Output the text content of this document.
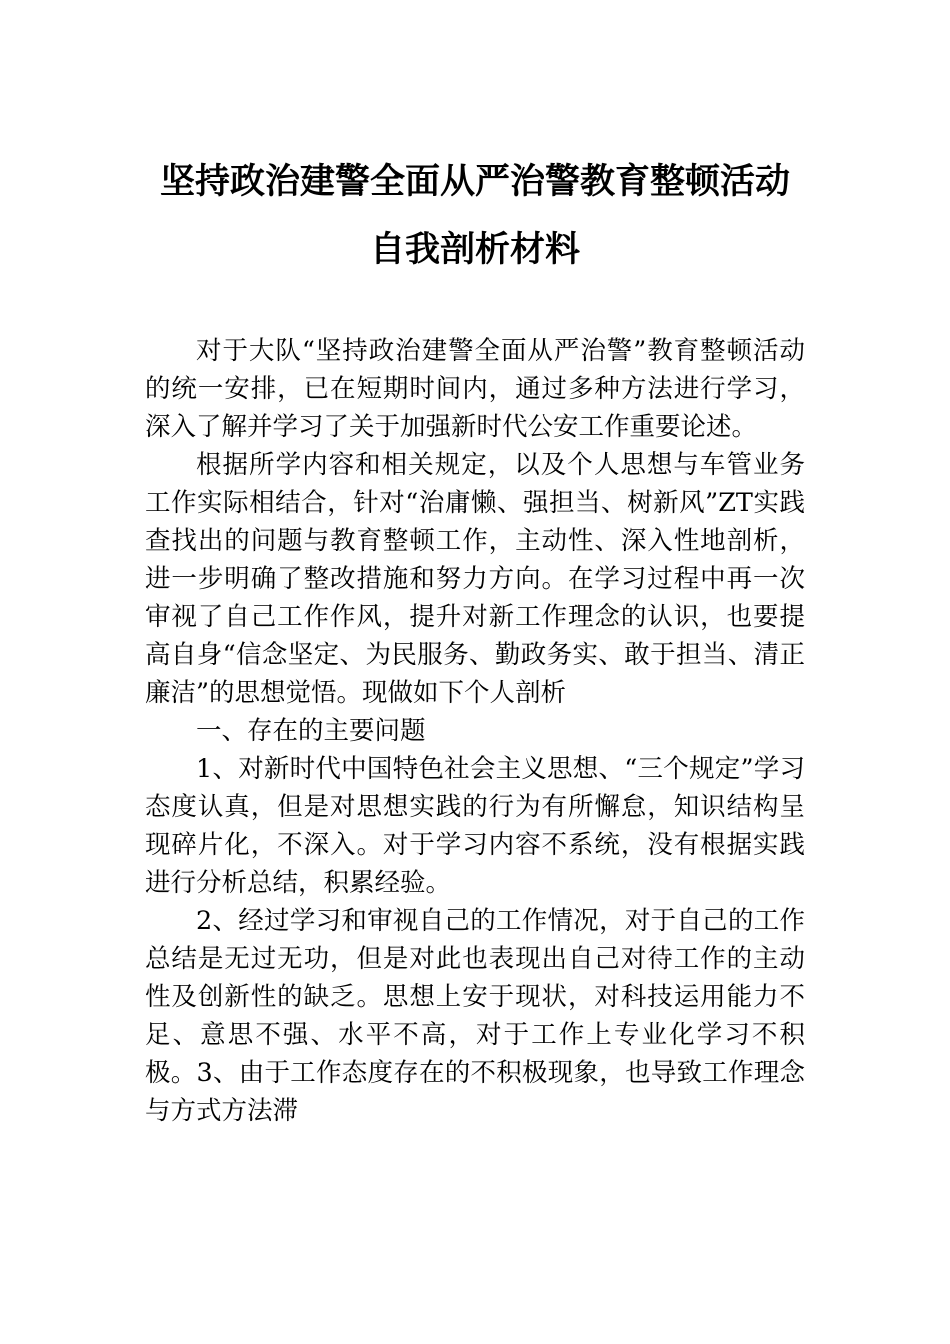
坚持政治建警全面从严治警教育整顿活动
自我剖析材料

对于大队“坚持政治建警全面从严治警”教育整顿活动的统一安排，已在短期时间内，通过多种方法进行学习，深入了解并学习了关于加强新时代公安工作重要论述。

根据所学内容和相关规定，以及个人思想与车管业务工作实际相结合，针对“治庸懒、强担当、树新风”ZT实践查找出的问题与教育整顿工作，主动性、深入性地剖析，进一步明确了整改措施和努力方向。在学习过程中再一次审视了自己工作作风，提升对新工作理念的认识，也要提高自身“信念坚定、为民服务、勤政务实、敢于担当、清正廉洁”的思想觉悟。现做如下个人剖析

一、存在的主要问题

1、对新时代中国特色社会主义思想、“三个规定”学习态度认真，但是对思想实践的行为有所懈怠，知识结构呈现碎片化，不深入。对于学习内容不系统，没有根据实践进行分析总结，积累经验。

2、经过学习和审视自己的工作情况，对于自己的工作总结是无过无功，但是对此也表现出自己对待工作的主动性及创新性的缺乏。思想上安于现状，对科技运用能力不足、意思不强、水平不高，对于工作上专业化学习不积极。3、由于工作态度存在的不积极现象，也导致工作理念与方式方法滞
